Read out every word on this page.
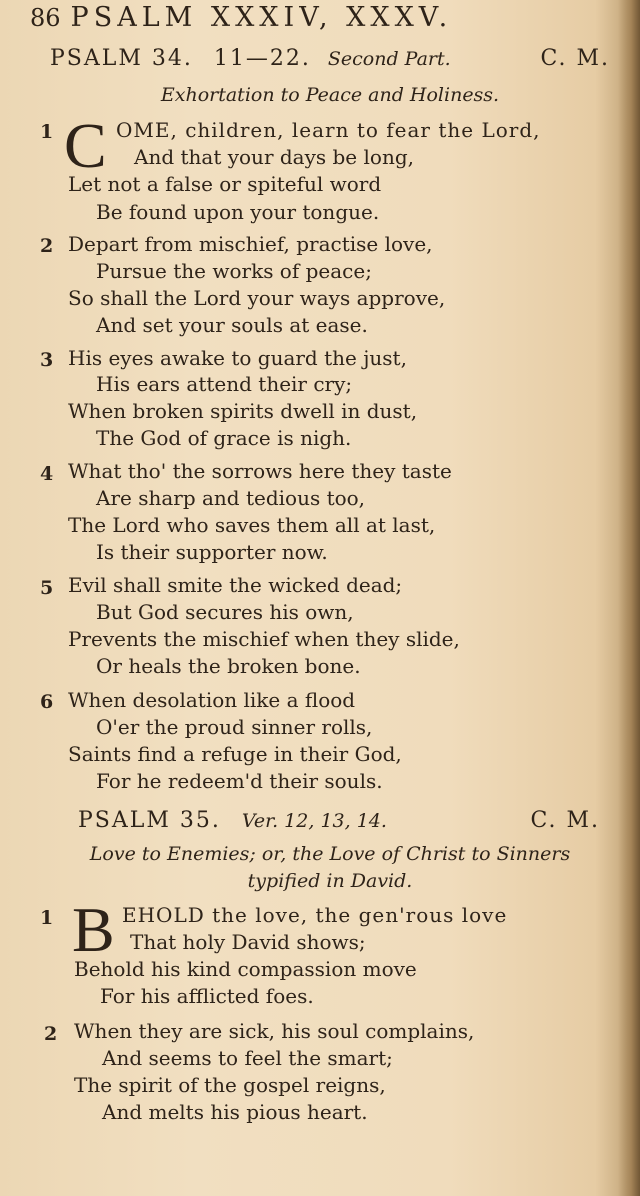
86 PSALM XXXIV, XXXV.
PSALM 34. 11—22. Second Part.	C. M.
Exhortation to Peace and Holiness.
1 C OME, children, learn to fear the Lord,
And that your days be long,
Let not a false or spiteful word
Be found upon your tongue.
2 Depart from mischief, practise love,
Pursue the works of peace;
So shall the Lord your ways approve,
And set your souls at ease.
3 His eyes awake to guard the just,
His ears attend their cry;
When broken spirits dwell in dust,
The God of grace is nigh.
4 What tho' the sorrows here they taste
Are sharp and tedious too,
The Lord who saves them all at last,
Is their supporter now.
5 Evil shall smite the wicked dead;
But God secures his own,
Prevents the mischief when they slide,
Or heals the broken bone.
6 When desolation like a flood
O'er the proud sinner rolls,
Saints find a refuge in their God,
For he redeem'd their souls.
PSALM 35. Ver. 12, 13, 14.	C. M.
Love to Enemies; or, the Love of Christ to Sinners
typified in David.
1 B EHOLD the love, the gen'rous love
That holy David shows;
Behold his kind compassion move
For his afflicted foes.
2 When they are sick, his soul complains,
And seems to feel the smart;
The spirit of the gospel reigns,
And melts his pious heart.
